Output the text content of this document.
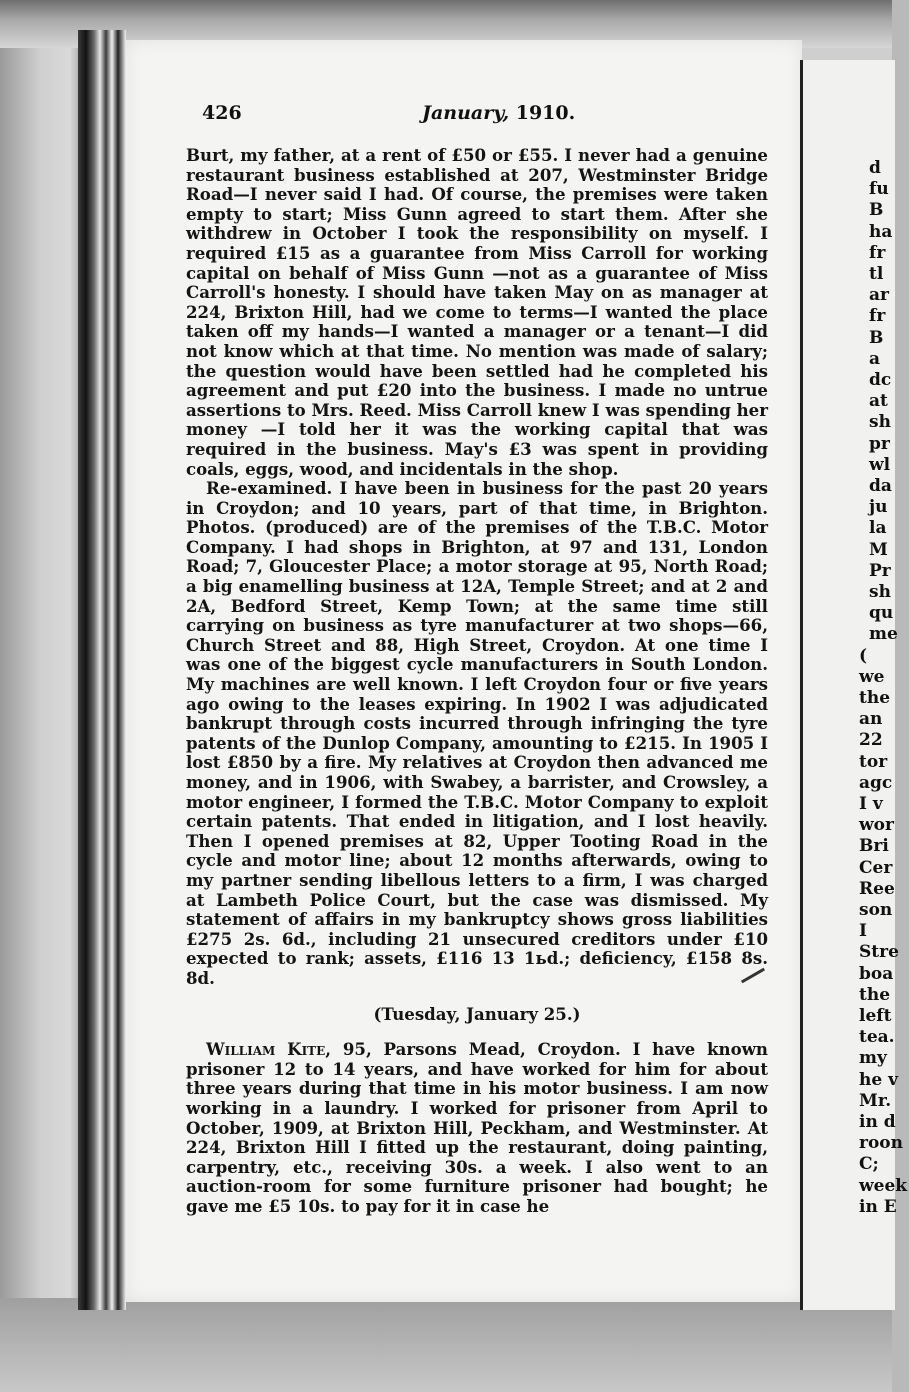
426	January, 1910.

Burt, my father, at a rent of £50 or £55. I never had a genuine restaurant business established at 207, Westminster Bridge Road—I never said I had. Of course, the premises were taken empty to start; Miss Gunn agreed to start them. After she withdrew in October I took the responsibility on myself. I required £15 as a guarantee from Miss Carroll for working capital on behalf of Miss Gunn —not as a guarantee of Miss Carroll's honesty. I should have taken May on as manager at 224, Brixton Hill, had we come to terms—I wanted the place taken off my hands—I wanted a manager or a tenant—I did not know which at that time. No mention was made of salary; the question would have been settled had he completed his agreement and put £20 into the business. I made no untrue assertions to Mrs. Reed. Miss Carroll knew I was spending her money —I told her it was the working capital that was required in the business. May's £3 was spent in providing coals, eggs, wood, and incidentals in the shop.

Re-examined. I have been in business for the past 20 years in Croydon; and 10 years, part of that time, in Brighton. Photos. (produced) are of the premises of the T.B.C. Motor Company. I had shops in Brighton, at 97 and 131, London Road; 7, Gloucester Place; a motor storage at 95, North Road; a big enamelling business at 12A, Temple Street; and at 2 and 2A, Bedford Street, Kemp Town; at the same time still carrying on business as tyre manufacturer at two shops—66, Church Street and 88, High Street, Croydon. At one time I was one of the biggest cycle manufacturers in South London. My machines are well known. I left Croydon four or five years ago owing to the leases expiring. In 1902 I was adjudicated bankrupt through costs incurred through infringing the tyre patents of the Dunlop Company, amounting to £215. In 1905 I lost £850 by a fire. My relatives at Croydon then advanced me money, and in 1906, with Swabey, a barrister, and Crowsley, a motor engineer, I formed the T.B.C. Motor Company to exploit certain patents. That ended in litigation, and I lost heavily. Then I opened premises at 82, Upper Tooting Road in the cycle and motor line; about 12 months afterwards, owing to my partner sending libellous letters to a firm, I was charged at Lambeth Police Court, but the case was dismissed. My statement of affairs in my bankruptcy shows gross liabilities £275 2s. 6d., including 21 unsecured creditors under £10 expected to rank; assets, £116 13 1ьd.; deficiency, £158 8s. 8d.

(Tuesday, January 25.)

William Kite, 95, Parsons Mead, Croydon. I have known prisoner 12 to 14 years, and have worked for him for about three years during that time in his motor business. I am now working in a laundry. I worked for prisoner from April to October, 1909, at Brixton Hill, Peckham, and Westminster. At 224, Brixton Hill I fitted up the restaurant, doing painting, carpentry, etc., receiving 30s. a week. I also went to an auction-room for some furniture prisoner had bought; he gave me £5 10s. to pay for it in case he

d
fu
B
ha
fr
tl
ar
fr
B
a
dc
at
sh
pr
wl
da
ju
la
M
Pr
sh
qu
me
(
we
the
an
22
tor
agc
I v
wor
Bri
Cer
Ree
son
I
Stre
boa
the
left
tea.
my
he v
Mr.
in d
roon
C;
week
in E
